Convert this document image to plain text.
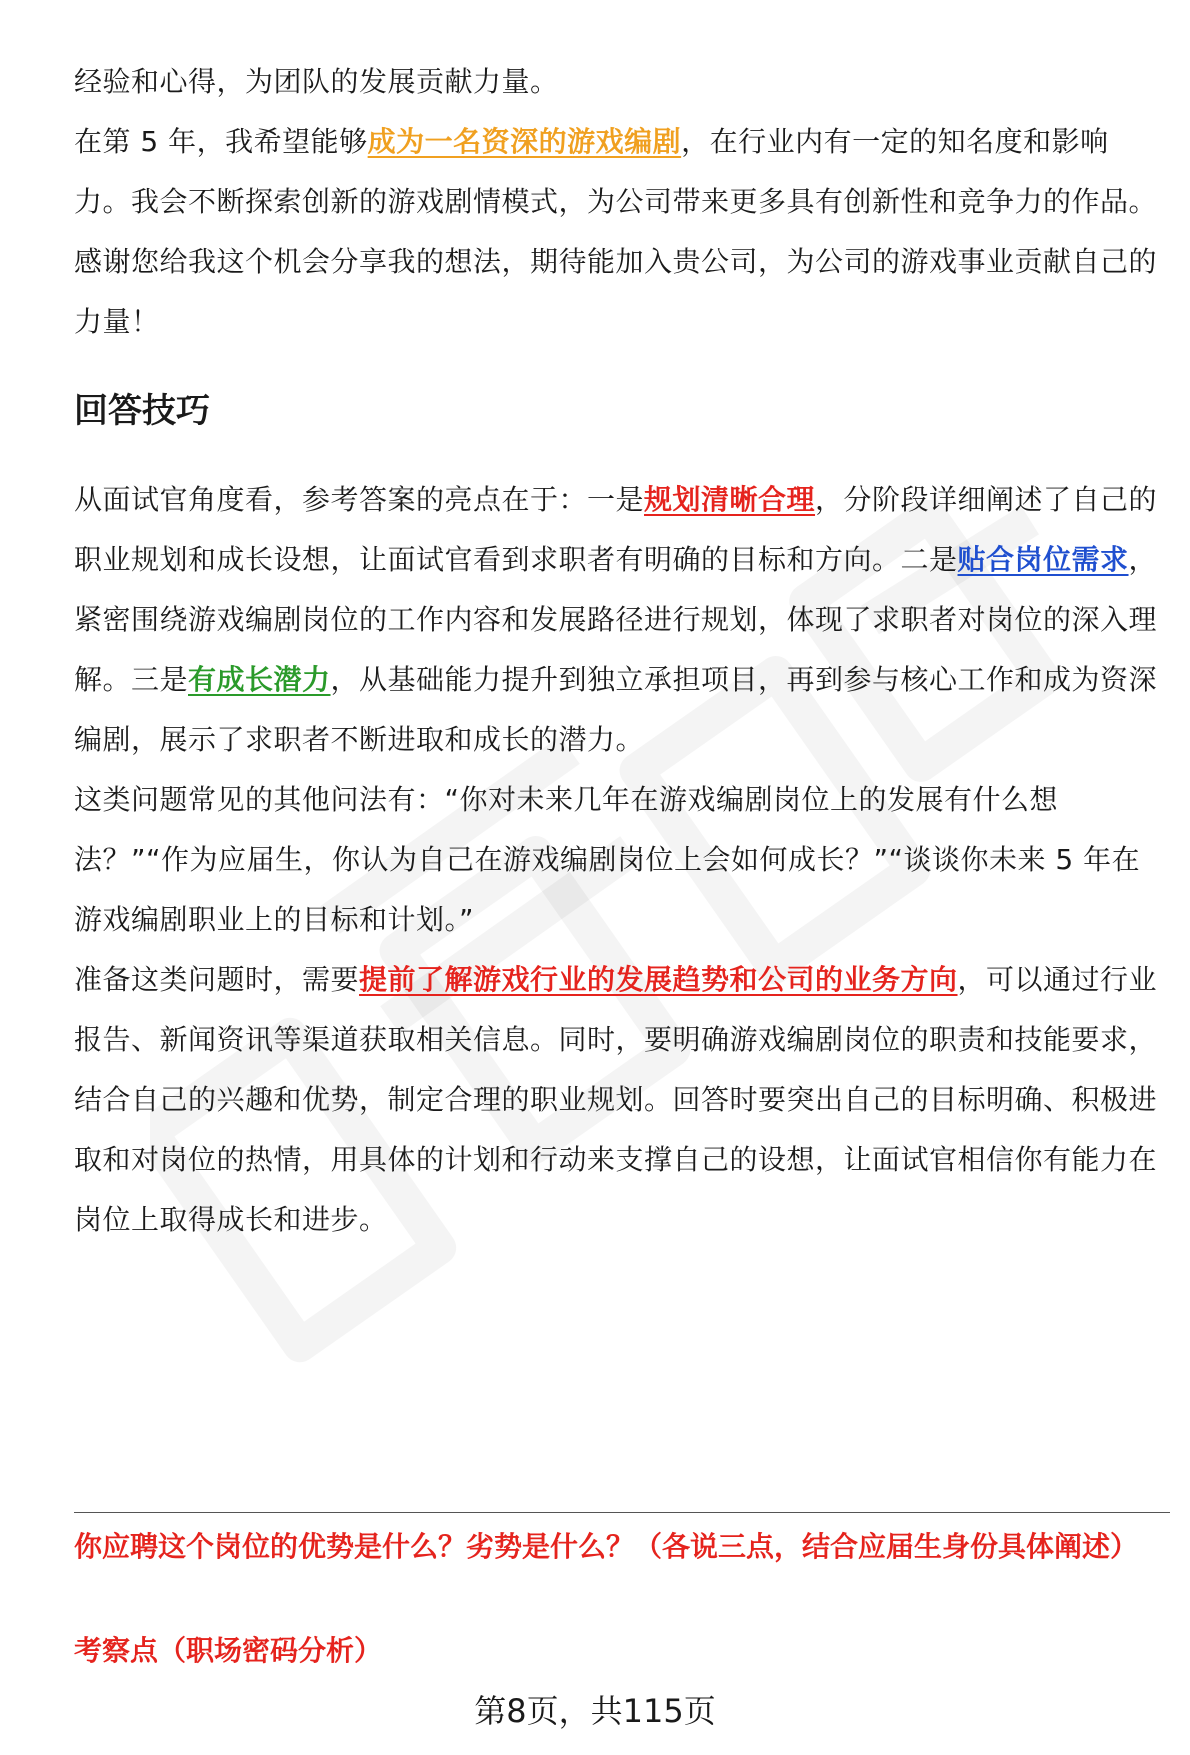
经验和心得，为团队的发展贡献力量。

在第 5 年，我希望能够成为一名资深的游戏编剧，在行业内有一定的知名度和影响力。我会不断探索创新的游戏剧情模式，为公司带来更多具有创新性和竞争力的作品。

感谢您给我这个机会分享我的想法，期待能加入贵公司，为公司的游戏事业贡献自己的力量！

回答技巧

从面试官角度看，参考答案的亮点在于：一是规划清晰合理，分阶段详细阐述了自己的职业规划和成长设想，让面试官看到求职者有明确的目标和方向。二是贴合岗位需求，紧密围绕游戏编剧岗位的工作内容和发展路径进行规划，体现了求职者对岗位的深入理解。三是有成长潜力，从基础能力提升到独立承担项目，再到参与核心工作和成为资深编剧，展示了求职者不断进取和成长的潜力。

这类问题常见的其他问法有：“你对未来几年在游戏编剧岗位上的发展有什么想法？”“作为应届生，你认为自己在游戏编剧岗位上会如何成长？”“谈谈你未来 5 年在游戏编剧职业上的目标和计划。”

准备这类问题时，需要提前了解游戏行业的发展趋势和公司的业务方向，可以通过行业报告、新闻资讯等渠道获取相关信息。同时，要明确游戏编剧岗位的职责和技能要求，结合自己的兴趣和优势，制定合理的职业规划。回答时要突出自己的目标明确、积极进取和对岗位的热情，用具体的计划和行动来支撑自己的设想，让面试官相信你有能力在岗位上取得成长和进步。

你应聘这个岗位的优势是什么？劣势是什么？（各说三点，结合应届生身份具体阐述）

考察点（职场密码分析）

第8页，共115页
